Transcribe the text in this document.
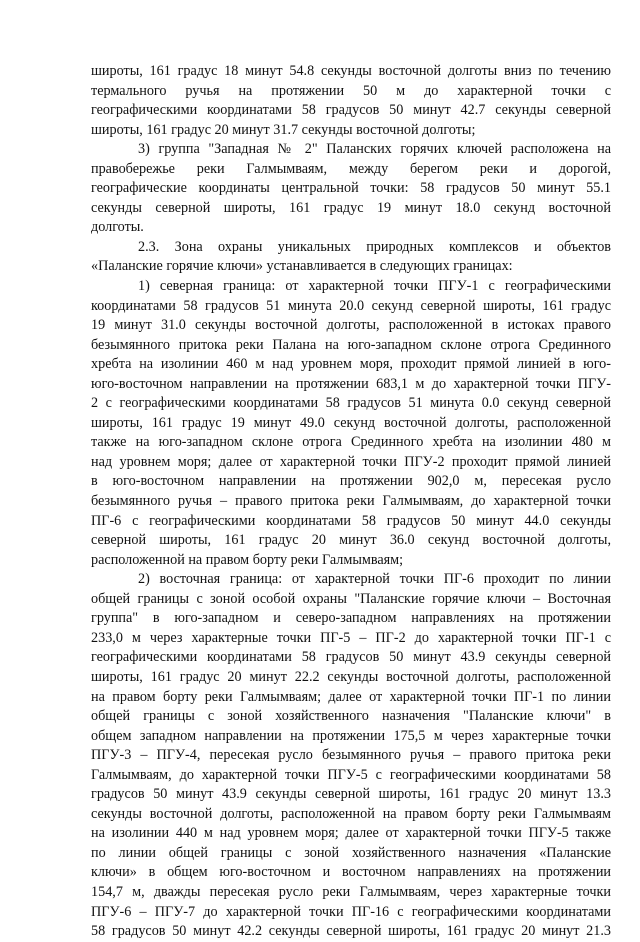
широты, 161 градус 18 минут 54.8 секунды восточной долготы вниз по течению

термального ручья на протяжении 50 м до характерной точки с

географическими координатами 58 градусов 50 минут 42.7 секунды северной

широты, 161 градус 20 минут 31.7 секунды восточной долготы;

3) группа "Западная № 2" Паланских горячих ключей расположена на

правобережье реки Галмымваям, между берегом реки и дорогой,

географические координаты центральной точки: 58 градусов 50 минут 55.1

секунды северной широты, 161 градус 19 минут 18.0 секунд восточной

долготы.

2.3. Зона охраны уникальных природных комплексов и объектов

«Паланские горячие ключи» устанавливается в следующих границах:

1) северная граница: от характерной точки ПГУ-1 с географическими

координатами 58 градусов 51 минута 20.0 секунд северной широты, 161 градус

19 минут 31.0 секунды восточной долготы, расположенной в истоках правого

безымянного притока реки Палана на юго-западном склоне отрога Срединного

хребта на изолинии 460 м над уровнем моря, проходит прямой линией в юго-

юго-восточном направлении на протяжении 683,1 м до характерной точки ПГУ-

2 с географическими координатами 58 градусов 51 минута 0.0 секунд северной

широты, 161 градус 19 минут 49.0 секунд восточной долготы, расположенной

также на юго-западном склоне отрога Срединного хребта на изолинии 480 м

над уровнем моря; далее от характерной точки ПГУ-2 проходит прямой линией

в юго-восточном направлении на протяжении 902,0 м, пересекая русло

безымянного ручья – правого притока реки Галмымваям, до характерной точки

ПГ-6 с географическими координатами 58 градусов 50 минут 44.0 секунды

северной широты, 161 градус 20 минут 36.0 секунд восточной долготы,

расположенной на правом борту реки Галмымваям;

2) восточная граница: от характерной точки ПГ-6 проходит по линии

общей границы с зоной особой охраны "Паланские горячие ключи – Восточная

группа" в юго-западном и северо-западном направлениях на протяжении

233,0 м через характерные точки ПГ-5 – ПГ-2 до характерной точки ПГ-1 с

географическими координатами 58 градусов 50 минут 43.9 секунды северной

широты, 161 градус 20 минут 22.2 секунды восточной долготы, расположенной

на правом борту реки Галмымваям; далее от характерной точки ПГ-1 по линии

общей границы с зоной хозяйственного назначения "Паланские ключи" в

общем западном направлении на протяжении 175,5 м через характерные точки

ПГУ-3 – ПГУ-4, пересекая русло безымянного ручья – правого притока реки

Галмымваям, до характерной точки ПГУ-5 с географическими координатами 58

градусов 50 минут 43.9 секунды северной широты, 161 градус 20 минут 13.3

секунды восточной долготы, расположенной на правом борту реки Галмымваям

на изолинии 440 м над уровнем моря; далее от характерной точки ПГУ-5 также

по линии общей границы с зоной хозяйственного назначения «Паланские

ключи» в общем юго-восточном и восточном направлениях на протяжении

154,7 м, дважды пересекая русло реки Галмымваям, через характерные точки

ПГУ-6 – ПГУ-7 до характерной точки ПГ-16 с географическими координатами

58 градусов 50 минут 42.2 секунды северной широты, 161 градус 20 минут 21.3
